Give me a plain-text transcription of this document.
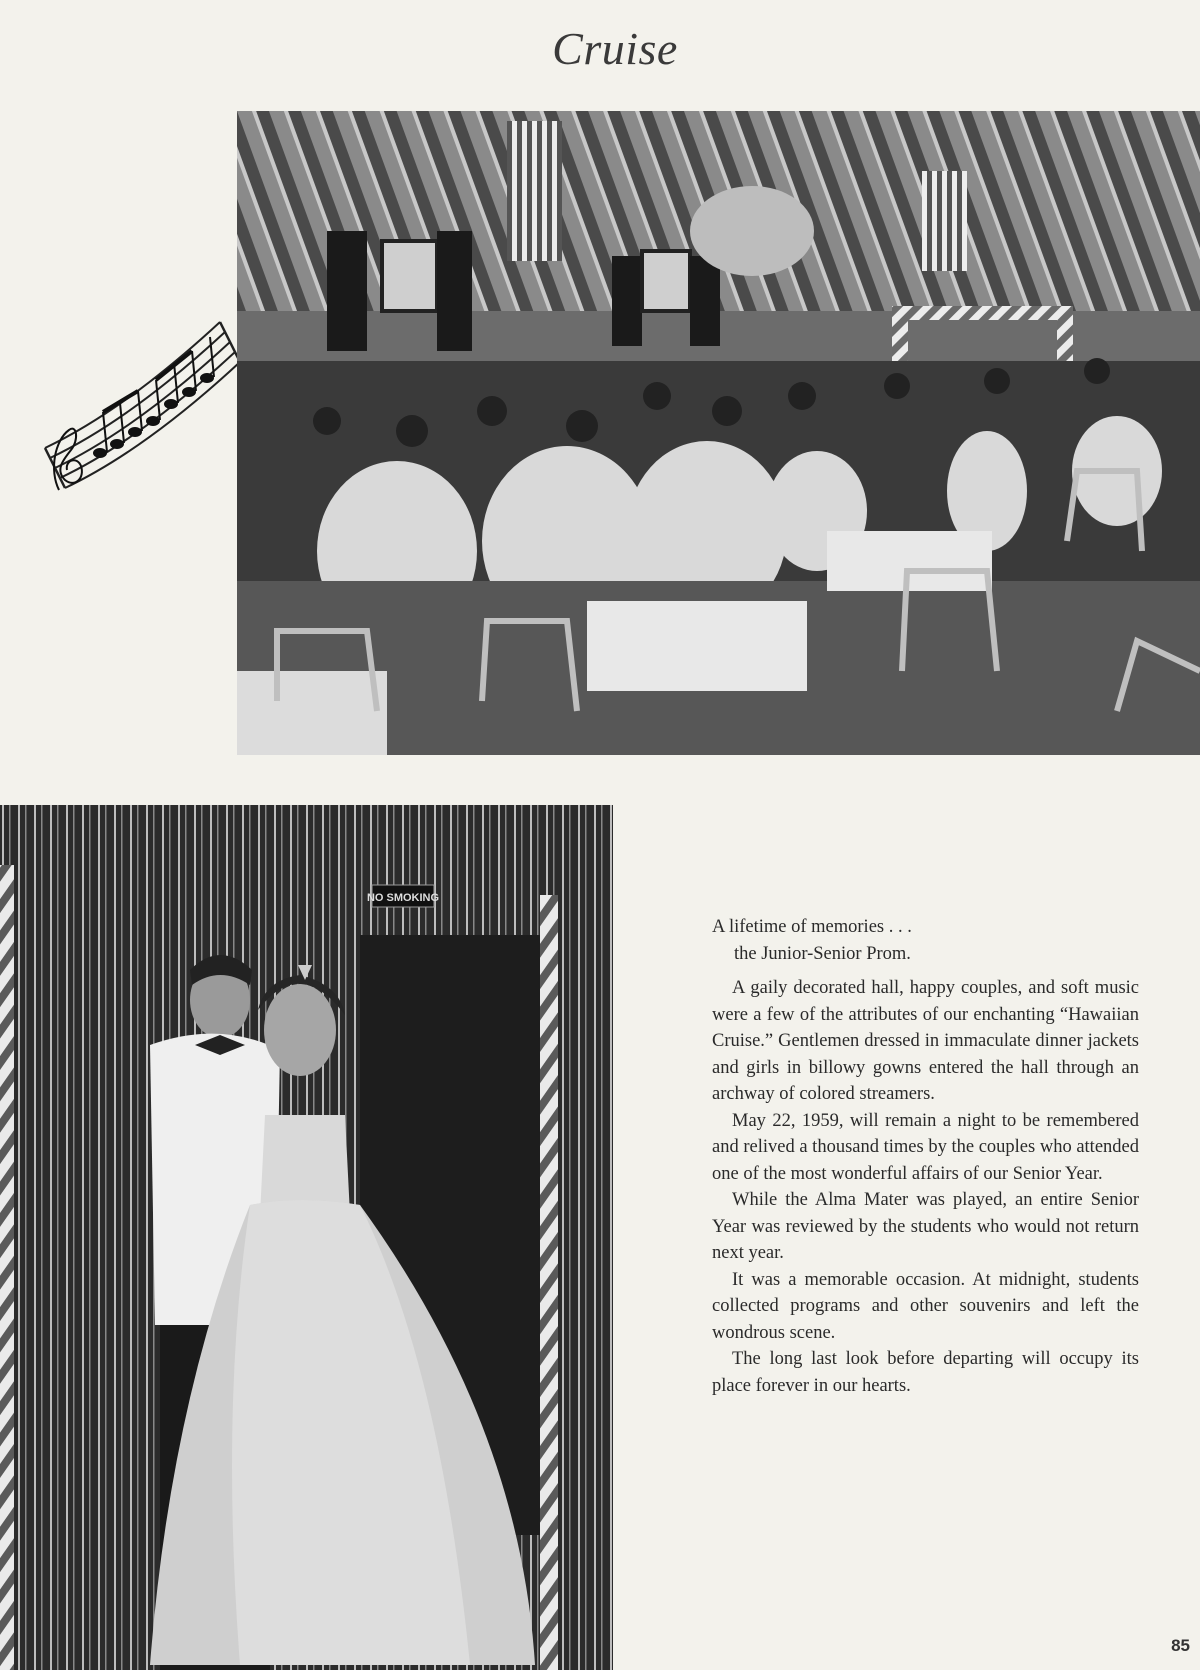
Cruise
NO SMOKING
A lifetime of memories . . .
the Junior-Senior Prom.

A gaily decorated hall, happy couples, and soft music were a few of the attributes of our enchanting “Hawaiian Cruise.” Gentlemen dressed in immaculate dinner jackets and girls in billowy gowns entered the hall through an archway of colored streamers.

May 22, 1959, will remain a night to be remembered and relived a thousand times by the couples who attended one of the most wonderful affairs of our Senior Year.

While the Alma Mater was played, an entire Senior Year was reviewed by the students who would not return next year.

It was a memorable occasion. At midnight, students collected programs and other souvenirs and left the wondrous scene.

The long last look before departing will occupy its place forever in our hearts.

85
